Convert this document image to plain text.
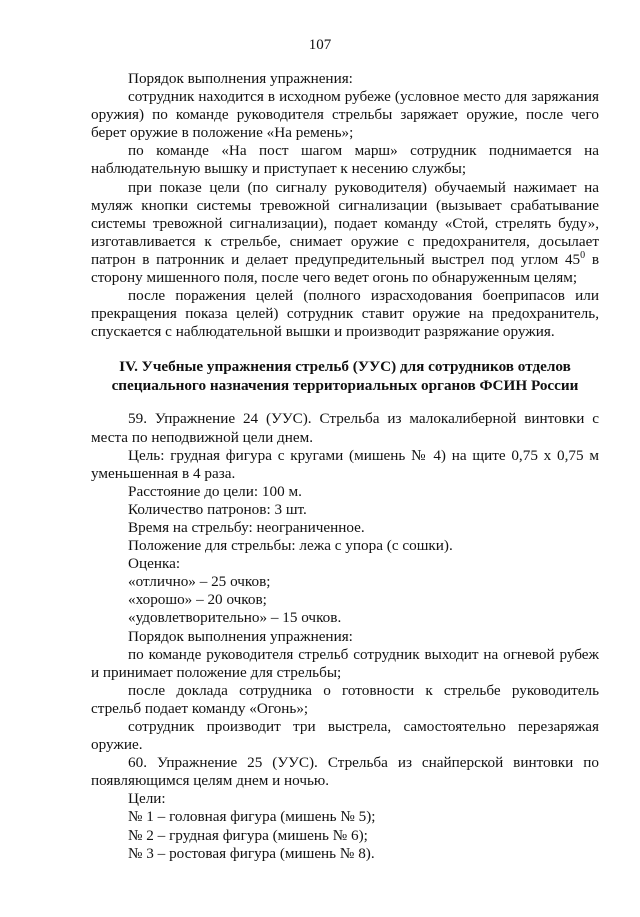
107

Порядок выполнения упражнения:

сотрудник находится в исходном рубеже (условное место для заряжания оружия) по команде руководителя стрельбы заряжает оружие, после чего берет оружие в положение «На ремень»;

по команде «На пост шагом марш» сотрудник поднимается на наблюдательную вышку и приступает к несению службы;

при показе цели (по сигналу руководителя) обучаемый нажимает на муляж кнопки системы тревожной сигнализации (вызывает срабатывание системы тревожной сигнализации), подает команду «Стой, стрелять буду», изготавливается к стрельбе, снимает оружие с предохранителя, досылает патрон в патронник и делает предупредительный выстрел под углом $45^0$ в сторону мишенного поля, после чего ведет огонь по обнаруженным целям;

после поражения целей (полного израсходования боеприпасов или прекращения показа целей) сотрудник ставит оружие на предохранитель, спускается с наблюдательной вышки и производит разряжание оружия.

IV. Учебные упражнения стрельб (УУС) для сотрудников отделов специального назначения территориальных органов ФСИН России

59. Упражнение 24 (УУС). Стрельба из малокалиберной винтовки с места по неподвижной цели днем.

Цель: грудная фигура с кругами (мишень № 4) на щите 0,75 х 0,75 м уменьшенная в 4 раза.

Расстояние до цели: 100 м.

Количество патронов: 3 шт.

Время на стрельбу: неограниченное.

Положение для стрельбы: лежа с упора (с сошки).

Оценка:

«отлично» – 25 очков;

«хорошо» – 20 очков;

«удовлетворительно» – 15 очков.

Порядок выполнения упражнения:

по команде руководителя стрельб сотрудник выходит на огневой рубеж и принимает положение для стрельбы;

после доклада сотрудника о готовности к стрельбе руководитель стрельб подает команду «Огонь»;

сотрудник производит три выстрела, самостоятельно перезаряжая оружие.

60. Упражнение 25 (УУС). Стрельба из снайперской винтовки по появляющимся целям днем и ночью.

Цели:

№ 1 – головная фигура (мишень № 5);

№ 2 – грудная фигура (мишень № 6);

№ 3 – ростовая фигура (мишень № 8).
